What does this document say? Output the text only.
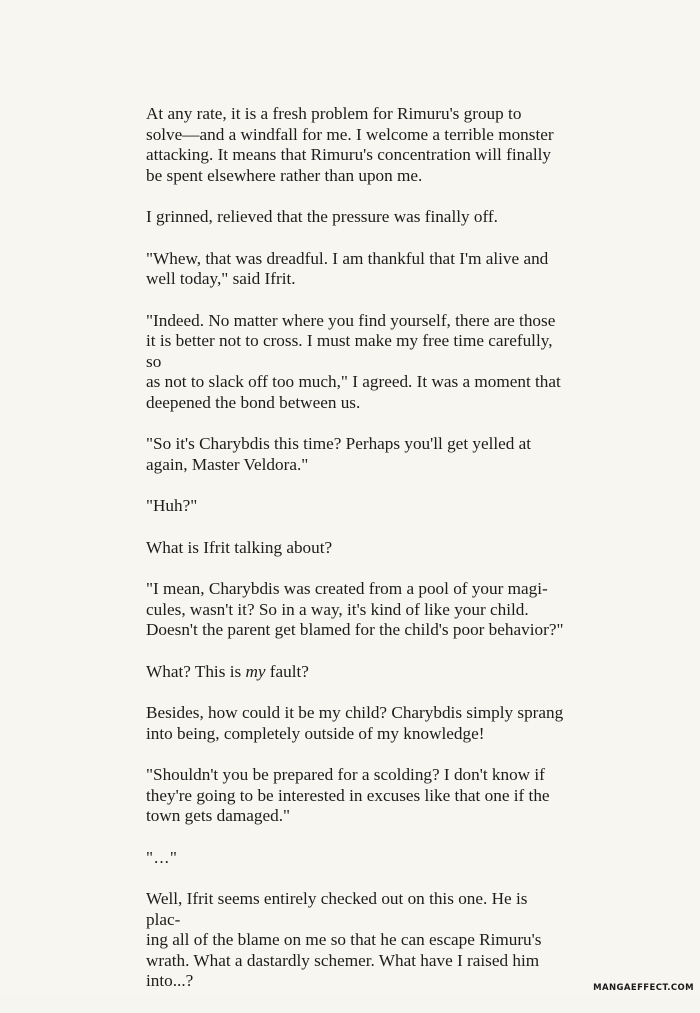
At any rate, it is a fresh problem for Rimuru's group to
solve—and a windfall for me. I welcome a terrible monster
attacking. It means that Rimuru's concentration will finally
be spent elsewhere rather than upon me.

I grinned, relieved that the pressure was finally off.

"Whew, that was dreadful. I am thankful that I'm alive and
well today," said Ifrit.

"Indeed. No matter where you find yourself, there are those
it is better not to cross. I must make my free time carefully, so
as not to slack off too much," I agreed. It was a moment that
deepened the bond between us.

"So it's Charybdis this time? Perhaps you'll get yelled at
again, Master Veldora."

"Huh?"

What is Ifrit talking about?

"I mean, Charybdis was created from a pool of your magi-
cules, wasn't it? So in a way, it's kind of like your child.
Doesn't the parent get blamed for the child's poor behavior?"

What? This is my fault?

Besides, how could it be my child? Charybdis simply sprang
into being, completely outside of my knowledge!

"Shouldn't you be prepared for a scolding? I don't know if
they're going to be interested in excuses like that one if the
town gets damaged."

"..."

Well, Ifrit seems entirely checked out on this one. He is plac-
ing all of the blame on me so that he can escape Rimuru's
wrath. What a dastardly schemer. What have I raised him
into...?	MANGAEFFECT.COM
